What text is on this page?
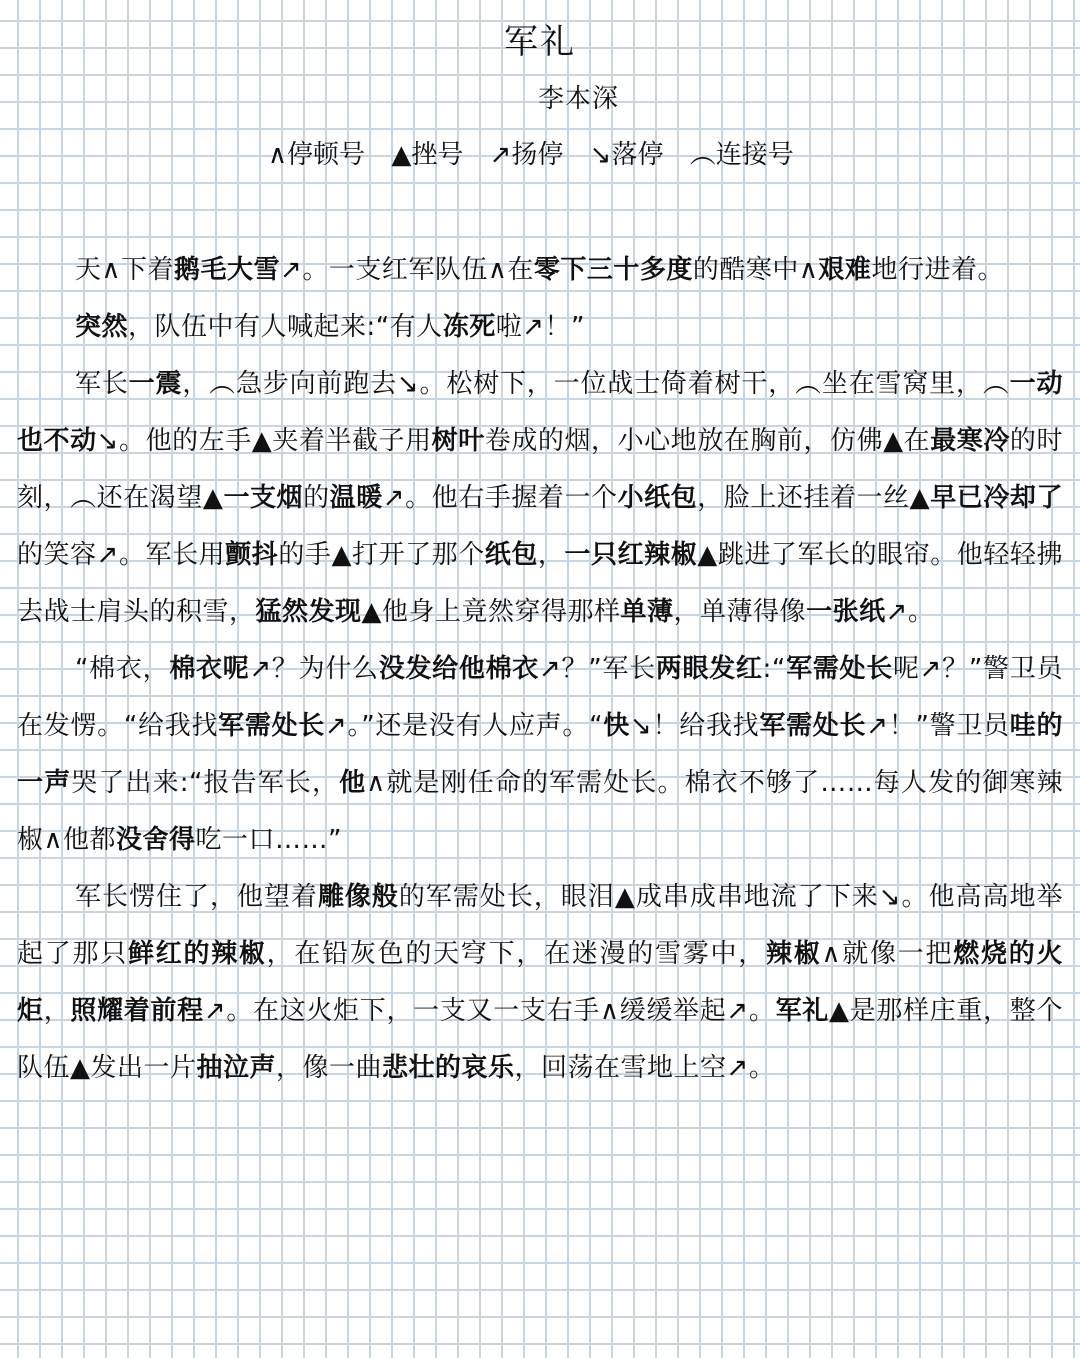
军礼
李本深
∧停顿号 ▲挫号 ↗扬停 ↘落停 ︵连接号

天∧下着鹅毛大雪↗。一支红军队伍∧在零下三十多度的酷寒中∧艰难地行进着。

突然，队伍中有人喊起来:“有人冻死啦↗！”

军长一震，︵急步向前跑去↘。松树下，一位战士倚着树干，︵坐在雪窝里，︵一动也不动↘。他的左手▲夹着半截子用树叶卷成的烟，小心地放在胸前，仿佛▲在最寒冷的时刻，︵还在渴望▲一支烟的温暖↗。他右手握着一个小纸包，脸上还挂着一丝▲早已冷却了的笑容↗。军长用颤抖的手▲打开了那个纸包，一只红辣椒▲跳进了军长的眼帘。他轻轻拂去战士肩头的积雪，猛然发现▲他身上竟然穿得那样单薄，单薄得像一张纸↗。

“棉衣，棉衣呢↗？为什么没发给他棉衣↗？”军长两眼发红:“军需处长呢↗？”警卫员在发愣。“给我找军需处长↗。”还是没有人应声。“快↘！给我找军需处长↗！”警卫员哇的一声哭了出来:“报告军长，他∧就是刚任命的军需处长。棉衣不够了……每人发的御寒辣椒∧他都没舍得吃一口……”

军长愣住了，他望着雕像般的军需处长，眼泪▲成串成串地流了下来↘。他高高地举起了那只鲜红的辣椒，在铅灰色的天穹下，在迷漫的雪雾中，辣椒∧就像一把燃烧的火炬，照耀着前程↗。在这火炬下，一支又一支右手∧缓缓举起↗。军礼▲是那样庄重，整个队伍▲发出一片抽泣声，像一曲悲壮的哀乐，回荡在雪地上空↗。
